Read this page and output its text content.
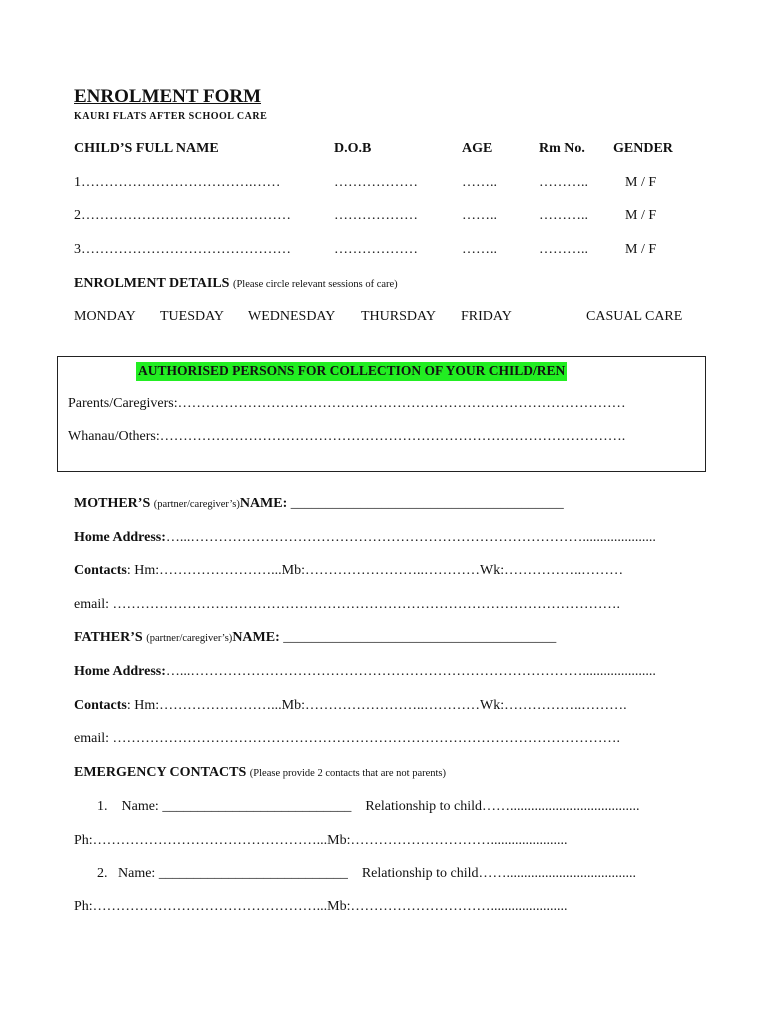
ENROLMENT FORM
KAURI FLATS AFTER SCHOOL CARE
CHILD’S FULL NAME	D.O.B	AGE	Rm No. GENDER
1……………………………….……	………………	……..	………..	M / F
2………………………………………	………………	……..	………..	M / F
3………………………………………	………………	……..	………..	M / F
ENROLMENT DETAILS (Please circle relevant sessions of care)
MONDAY TUESDAY WEDNESDAY THURSDAY FRIDAY	CASUAL CARE
AUTHORISED PERSONS FOR COLLECTION OF YOUR CHILD/REN
Parents/Caregivers:……………………………………………………………………………………
Whanau/Others:……………………………………………………………………………………….
MOTHER’S (partner/caregiver’s)NAME: _______________________________________
Home Address:…...………………………………………………………………………….....................
Contacts: Hm:……………………...Mb:……………………..…………Wk:……………..………
email: ……………………………………………………………………………………………….
FATHER’S (partner/caregiver’s)NAME: _______________________________________
Home Address:…...………………………………………………………………………….....................
Contacts: Hm:……………………...Mb:……………………..…………Wk:……………..……….
email: ……………………………………………………………………………………………….
EMERGENCY CONTACTS (Please provide 2 contacts that are not parents)
1. Name: ___________________________ Relationship to child…….....................................
Ph:…………………………………………...Mb:…………………………......................
2. Name: ___________________________ Relationship to child…….....................................
Ph:…………………………………………...Mb:…………………………......................
